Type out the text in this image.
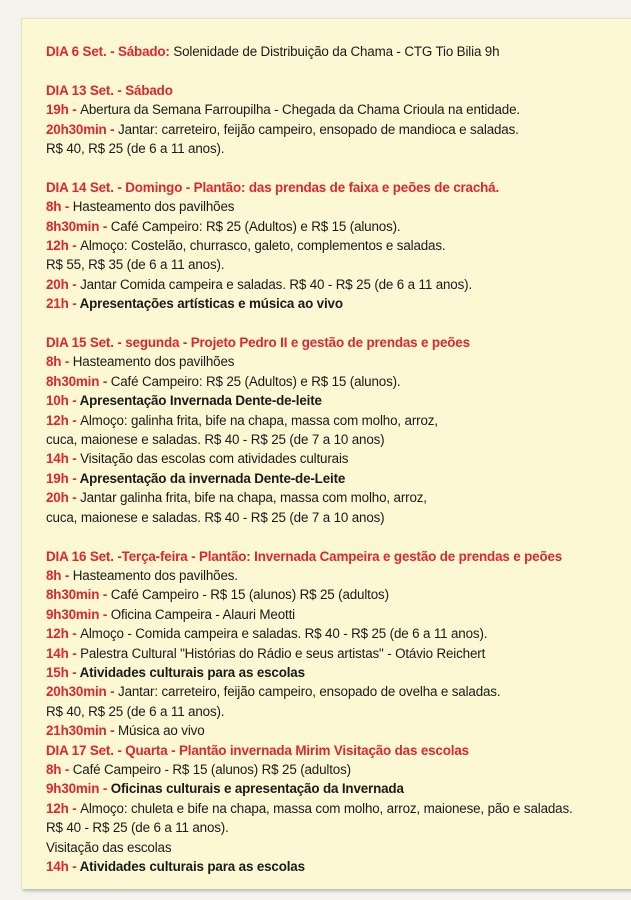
DIA 6 Set. - Sábado: Solenidade de Distribuição da Chama - CTG Tio Bilia 9h
DIA 13 Set. - Sábado
19h - Abertura da Semana Farroupilha - Chegada da Chama Crioula na entidade.
20h30min - Jantar: carreteiro, feijão campeiro, ensopado de mandioca e saladas.
R$ 40, R$ 25 (de 6 a 11 anos).
DIA 14 Set. - Domingo - Plantão: das prendas de faixa e peões de crachá.
8h - Hasteamento dos pavilhões
8h30min - Café Campeiro: R$ 25 (Adultos) e R$ 15 (alunos).
12h - Almoço: Costelão, churrasco, galeto, complementos e saladas.
R$ 55, R$ 35 (de 6 a 11 anos).
20h - Jantar Comida campeira e saladas. R$ 40 - R$ 25 (de 6 a 11 anos).
21h - Apresentações artísticas e música ao vivo
DIA 15 Set. - segunda - Projeto Pedro II e gestão de prendas e peões
8h - Hasteamento dos pavilhões
8h30min - Café Campeiro: R$ 25 (Adultos) e R$ 15 (alunos).
10h - Apresentação Invernada Dente-de-leite
12h - Almoço: galinha frita, bife na chapa, massa com molho, arroz,
cuca, maionese e saladas. R$ 40 - R$ 25 (de 7 a 10 anos)
14h - Visitação das escolas com atividades culturais
19h - Apresentação da invernada Dente-de-Leite
20h - Jantar galinha frita, bife na chapa, massa com molho, arroz,
cuca, maionese e saladas. R$ 40 - R$ 25 (de 7 a 10 anos)
DIA 16 Set. -Terça-feira - Plantão: Invernada Campeira e gestão de prendas e peões
8h - Hasteamento dos pavilhões.
8h30min - Café Campeiro - R$ 15 (alunos) R$ 25 (adultos)
9h30min - Oficina Campeira - Alauri Meotti
12h - Almoço - Comida campeira e saladas. R$ 40 - R$ 25 (de 6 a 11 anos).
14h - Palestra Cultural "Histórias do Rádio e seus artistas" - Otávio Reichert
15h - Atividades culturais para as escolas
20h30min - Jantar: carreteiro, feijão campeiro, ensopado de ovelha e saladas.
R$ 40, R$ 25 (de 6 a 11 anos).
21h30min - Música ao vivo
DIA 17 Set. - Quarta - Plantão invernada Mirim Visitação das escolas
8h - Café Campeiro - R$ 15 (alunos) R$ 25 (adultos)
9h30min - Oficinas culturais e apresentação da Invernada
12h - Almoço: chuleta e bife na chapa, massa com molho, arroz, maionese, pão e saladas.
R$ 40 - R$ 25 (de 6 a 11 anos).
Visitação das escolas
14h - Atividades culturais para as escolas
